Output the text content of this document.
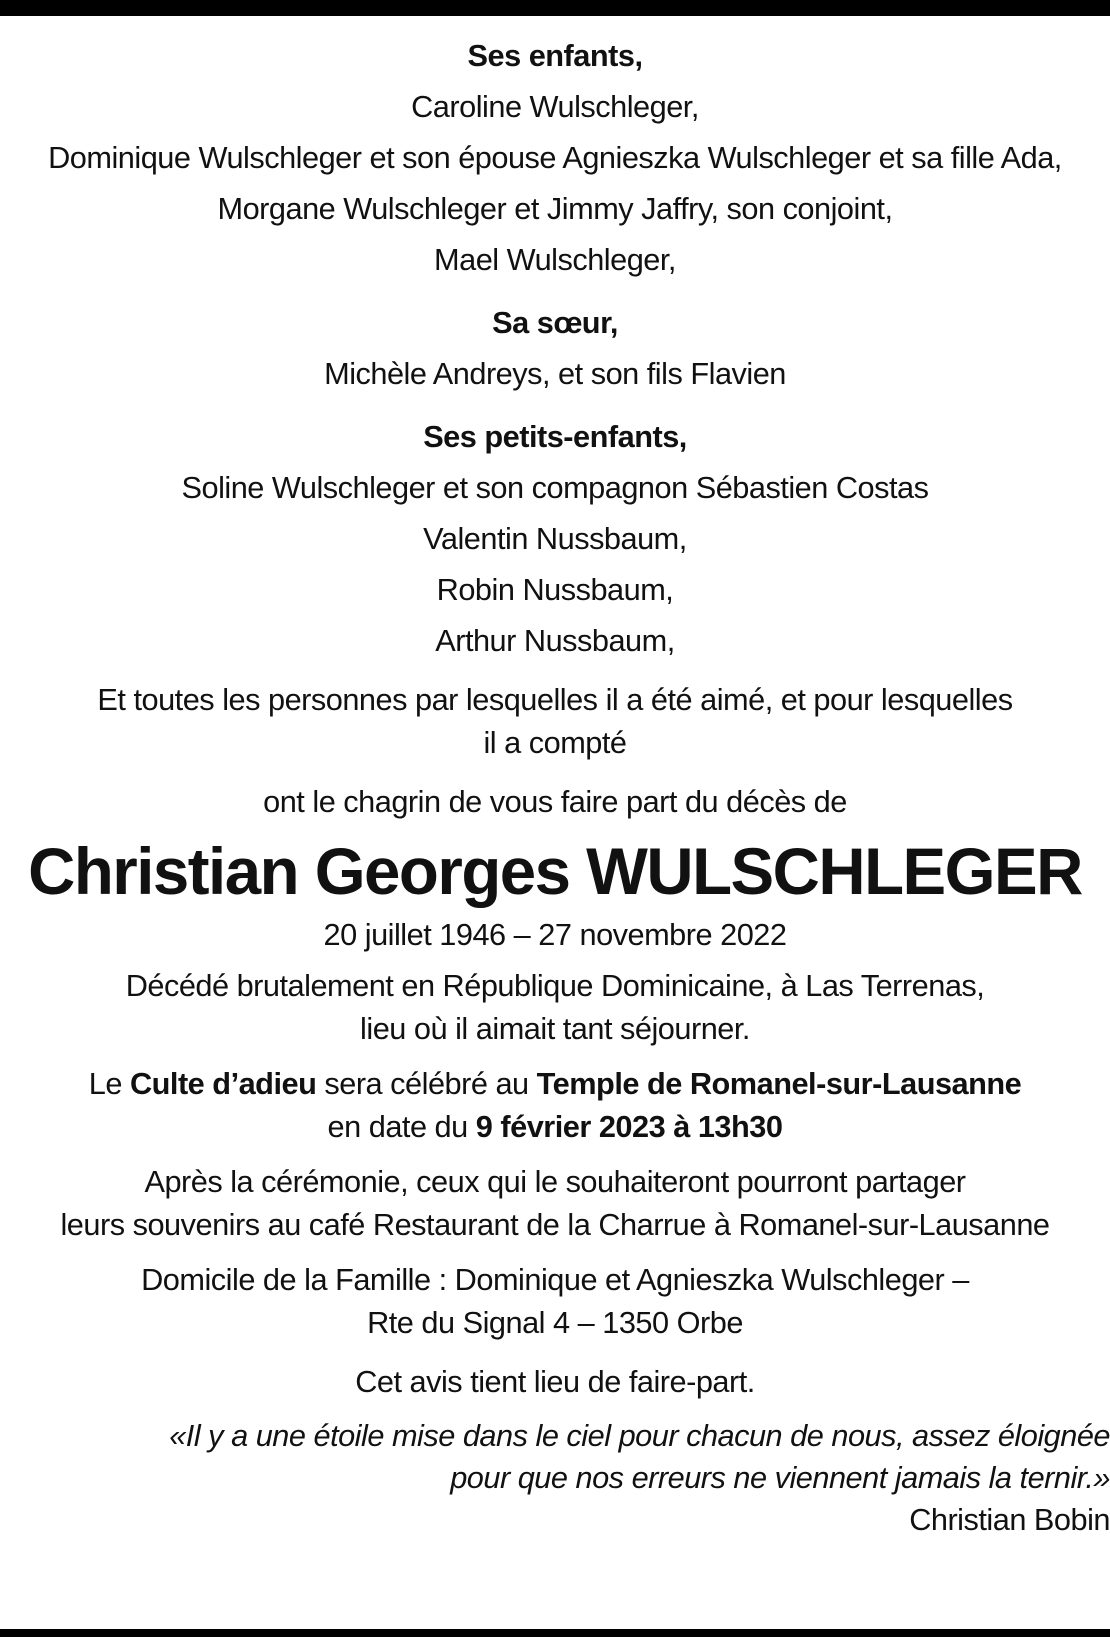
Ses enfants,
Caroline Wulschleger,
Dominique Wulschleger et son épouse Agnieszka Wulschleger et sa fille Ada,
Morgane Wulschleger et Jimmy Jaffry, son conjoint,
Mael Wulschleger,
Sa sœur,
Michèle Andreys, et son fils Flavien
Ses petits-enfants,
Soline Wulschleger et son compagnon Sébastien Costas
Valentin Nussbaum,
Robin Nussbaum,
Arthur Nussbaum,
Et toutes les personnes par lesquelles il a été aimé, et pour lesquelles
il a compté
ont le chagrin de vous faire part du décès de
Christian Georges WULSCHLEGER
20 juillet 1946 – 27 novembre 2022
Décédé brutalement en République Dominicaine, à Las Terrenas,
lieu où il aimait tant séjourner.
Le Culte d’adieu sera célébré au Temple de Romanel-sur-Lausanne
en date du 9 février 2023 à 13h30
Après la cérémonie, ceux qui le souhaiteront pourront partager
leurs souvenirs au café Restaurant de la Charrue à Romanel-sur-Lausanne
Domicile de la Famille : Dominique et Agnieszka Wulschleger –
Rte du Signal 4 – 1350 Orbe
Cet avis tient lieu de faire-part.
«Il y a une étoile mise dans le ciel pour chacun de nous, assez éloignée
pour que nos erreurs ne viennent jamais la ternir.»
Christian Bobin
